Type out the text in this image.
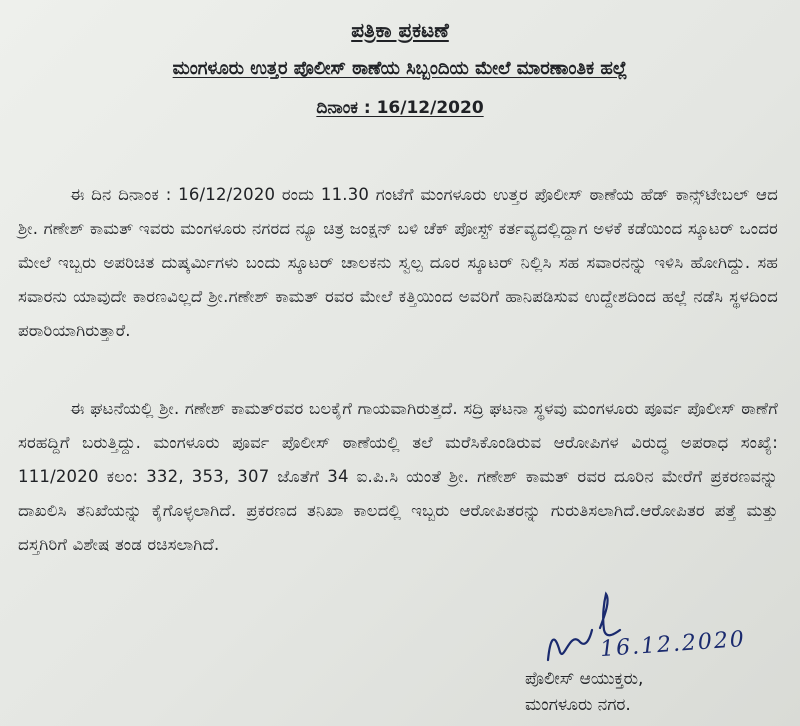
ಪತ್ರಿಕಾ ಪ್ರಕಟಣೆ
ಮಂಗಳೂರು ಉತ್ತರ ಪೊಲೀಸ್ ಠಾಣೆಯ ಸಿಬ್ಬಂದಿಯ ಮೇಲೆ ಮಾರಣಾಂತಿಕ ಹಲ್ಲೆ
ದಿನಾಂಕ : 16/12/2020
ಈ ದಿನ ದಿನಾಂಕ : 16/12/2020 ರಂದು 11.30 ಗಂಟೆಗೆ ಮಂಗಳೂರು ಉತ್ತರ ಪೊಲೀಸ್ ಠಾಣೆಯ ಹೆಡ್ ಕಾನ್ಸ್‌ಟೇಬಲ್ ಆದ ಶ್ರೀ. ಗಣೇಶ್ ಕಾಮತ್ ಇವರು ಮಂಗಳೂರು ನಗರದ ನ್ಯೂ ಚಿತ್ರ ಜಂಕ್ಷನ್ ಬಳಿ ಚೆಕ್ ಪೋಸ್ಟ್ ಕರ್ತವ್ಯದಲ್ಲಿದ್ದಾಗ ಅಳಕೆ ಕಡೆಯಿಂದ ಸ್ಕೂಟರ್ ಒಂದರ ಮೇಲೆ ಇಬ್ಬರು ಅಪರಿಚಿತ ದುಷ್ಕರ್ಮಿಗಳು ಬಂದು ಸ್ಕೂಟರ್ ಚಾಲಕನು ಸ್ವಲ್ಪ ದೂರ ಸ್ಕೂಟರ್ ನಿಲ್ಲಿಸಿ ಸಹ ಸವಾರನನ್ನು ಇಳಿಸಿ ಹೋಗಿದ್ದು. ಸಹ ಸವಾರನು ಯಾವುದೇ ಕಾರಣವಿಲ್ಲದೆ ಶ್ರೀ.ಗಣೇಶ್ ಕಾಮತ್ ರವರ ಮೇಲೆ ಕತ್ತಿಯಿಂದ ಅವರಿಗೆ ಹಾನಿಪಡಿಸುವ ಉದ್ದೇಶದಿಂದ ಹಲ್ಲೆ ನಡೆಸಿ ಸ್ಥಳದಿಂದ ಪರಾರಿಯಾಗಿರುತ್ತಾರೆ.
ಈ ಘಟನೆಯಲ್ಲಿ ಶ್ರೀ. ಗಣೇಶ್ ಕಾಮತ್‌ರವರ ಬಲಕೈಗೆ ಗಾಯವಾಗಿರುತ್ತದೆ. ಸದ್ರಿ ಘಟನಾ ಸ್ಥಳವು ಮಂಗಳೂರು ಪೂರ್ವ ಪೊಲೀಸ್ ಠಾಣೆಗೆ ಸರಹದ್ದಿಗೆ ಬರುತ್ತಿದ್ದು. ಮಂಗಳೂರು ಪೂರ್ವ ಪೊಲೀಸ್ ಠಾಣೆಯಲ್ಲಿ ತಲೆ ಮರೆಸಿಕೊಂಡಿರುವ ಆರೋಪಿಗಳ ವಿರುದ್ಧ ಅಪರಾಧ ಸಂಖ್ಯೆ: 111/2020 ಕಲಂ: 332, 353, 307 ಜೊತೆಗೆ 34 ಐ.ಪಿ.ಸಿ ಯಂತೆ ಶ್ರೀ. ಗಣೇಶ್ ಕಾಮತ್ ರವರ ದೂರಿನ ಮೇರೆಗೆ ಪ್ರಕರಣವನ್ನು ದಾಖಲಿಸಿ ತನಿಖೆಯನ್ನು ಕೈಗೊಳ್ಳಲಾಗಿದೆ. ಪ್ರಕರಣದ ತನಿಖಾ ಕಾಲದಲ್ಲಿ ಇಬ್ಬರು ಆರೋಪಿತರನ್ನು ಗುರುತಿಸಲಾಗಿದೆ.ಆರೋಪಿತರ ಪತ್ತೆ ಮತ್ತು ದಸ್ತಗಿರಿಗೆ ವಿಶೇಷ ತಂಡ ರಚಿಸಲಾಗಿದೆ.
16.12.2020
ಪೊಲೀಸ್ ಆಯುಕ್ತರು,
ಮಂಗಳೂರು ನಗರ.
